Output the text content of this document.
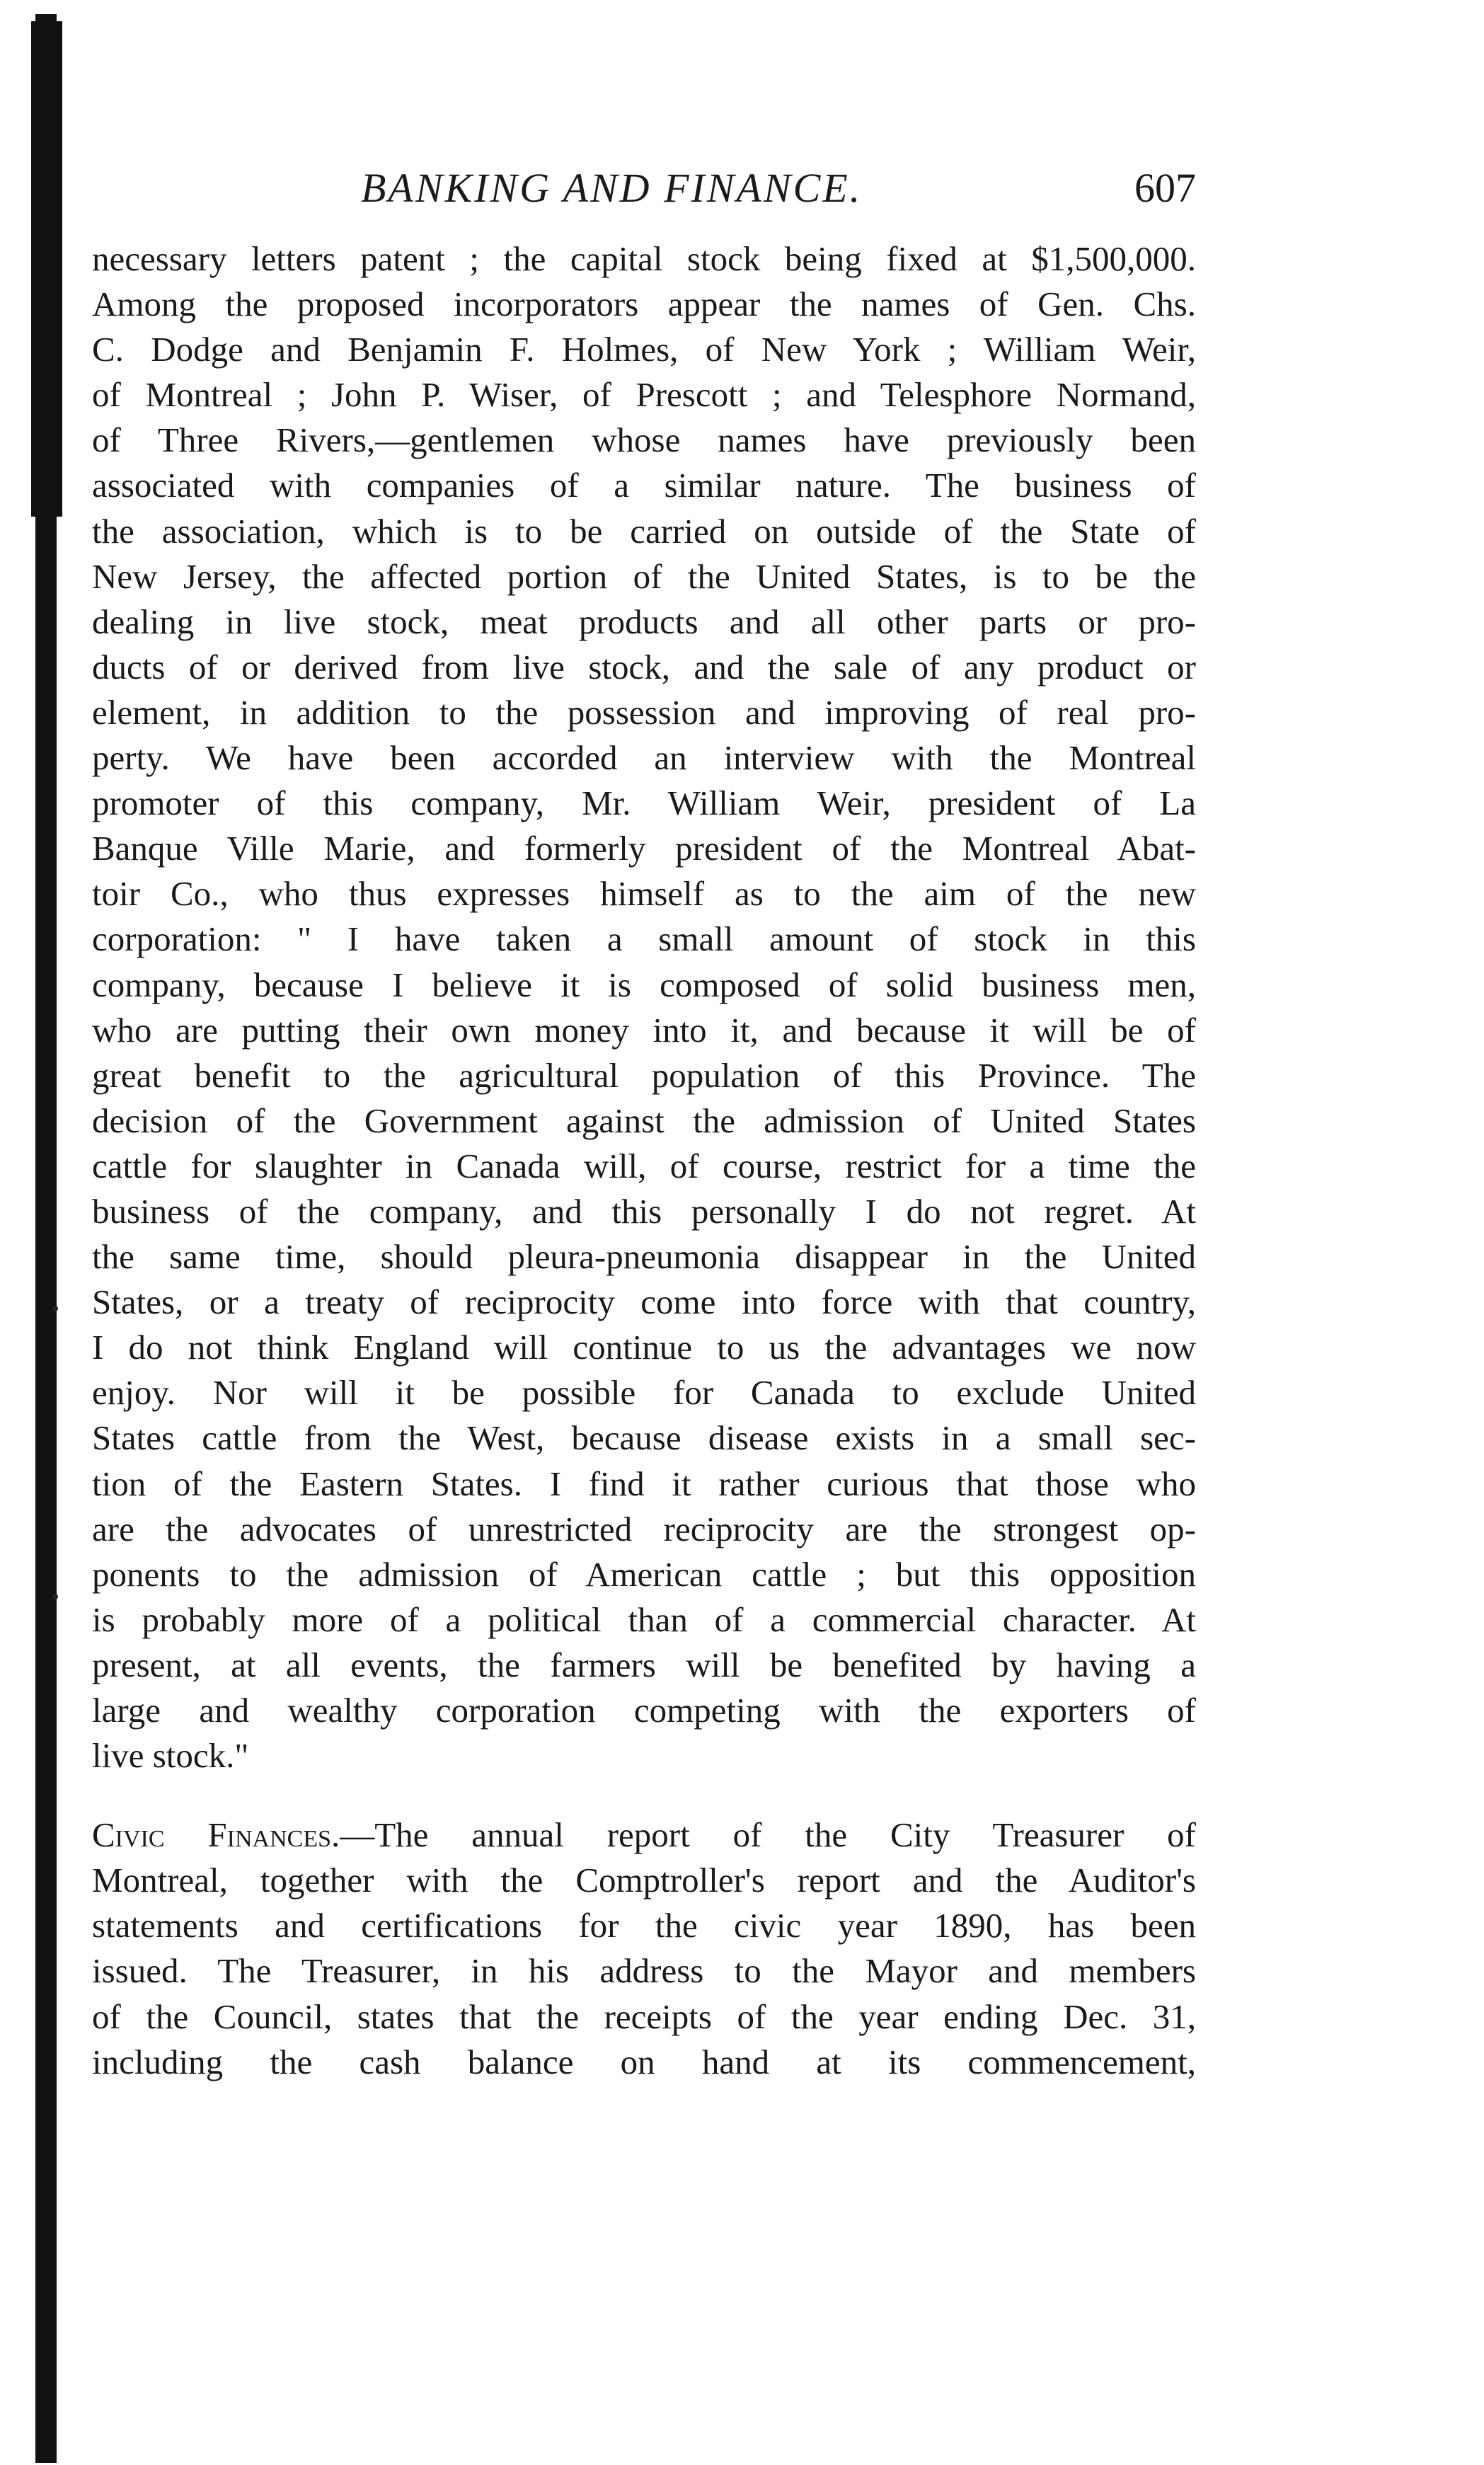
BANKING AND FINANCE.	607
necessary letters patent ; the capital stock being fixed at $1,500,000.
Among the proposed incorporators appear the names of Gen. Chs.
C. Dodge and Benjamin F. Holmes, of New York ; William Weir,
of Montreal ; John P. Wiser, of Prescott ; and Telesphore Normand,
of Three Rivers,—gentlemen whose names have previously been
associated with companies of a similar nature. The business of
the association, which is to be carried on outside of the State of
New Jersey, the affected portion of the United States, is to be the
dealing in live stock, meat products and all other parts or pro-
ducts of or derived from live stock, and the sale of any product or
element, in addition to the possession and improving of real pro-
perty. We have been accorded an interview with the Montreal
promoter of this company, Mr. William Weir, president of La
Banque Ville Marie, and formerly president of the Montreal Abat-
toir Co., who thus expresses himself as to the aim of the new
corporation: " I have taken a small amount of stock in this
company, because I believe it is composed of solid business men,
who are putting their own money into it, and because it will be of
great benefit to the agricultural population of this Province. The
decision of the Government against the admission of United States
cattle for slaughter in Canada will, of course, restrict for a time the
business of the company, and this personally I do not regret. At
the same time, should pleura-pneumonia disappear in the United
States, or a treaty of reciprocity come into force with that country,
I do not think England will continue to us the advantages we now
enjoy. Nor will it be possible for Canada to exclude United
States cattle from the West, because disease exists in a small sec-
tion of the Eastern States. I find it rather curious that those who
are the advocates of unrestricted reciprocity are the strongest op-
ponents to the admission of American cattle ; but this opposition
is probably more of a political than of a commercial character. At
present, at all events, the farmers will be benefited by having a
large and wealthy corporation competing with the exporters of
live stock."
Civic Finances.—The annual report of the City Treasurer of
Montreal, together with the Comptroller's report and the Auditor's
statements and certifications for the civic year 1890, has been
issued. The Treasurer, in his address to the Mayor and members
of the Council, states that the receipts of the year ending Dec. 31,
including the cash balance on hand at its commencement,
